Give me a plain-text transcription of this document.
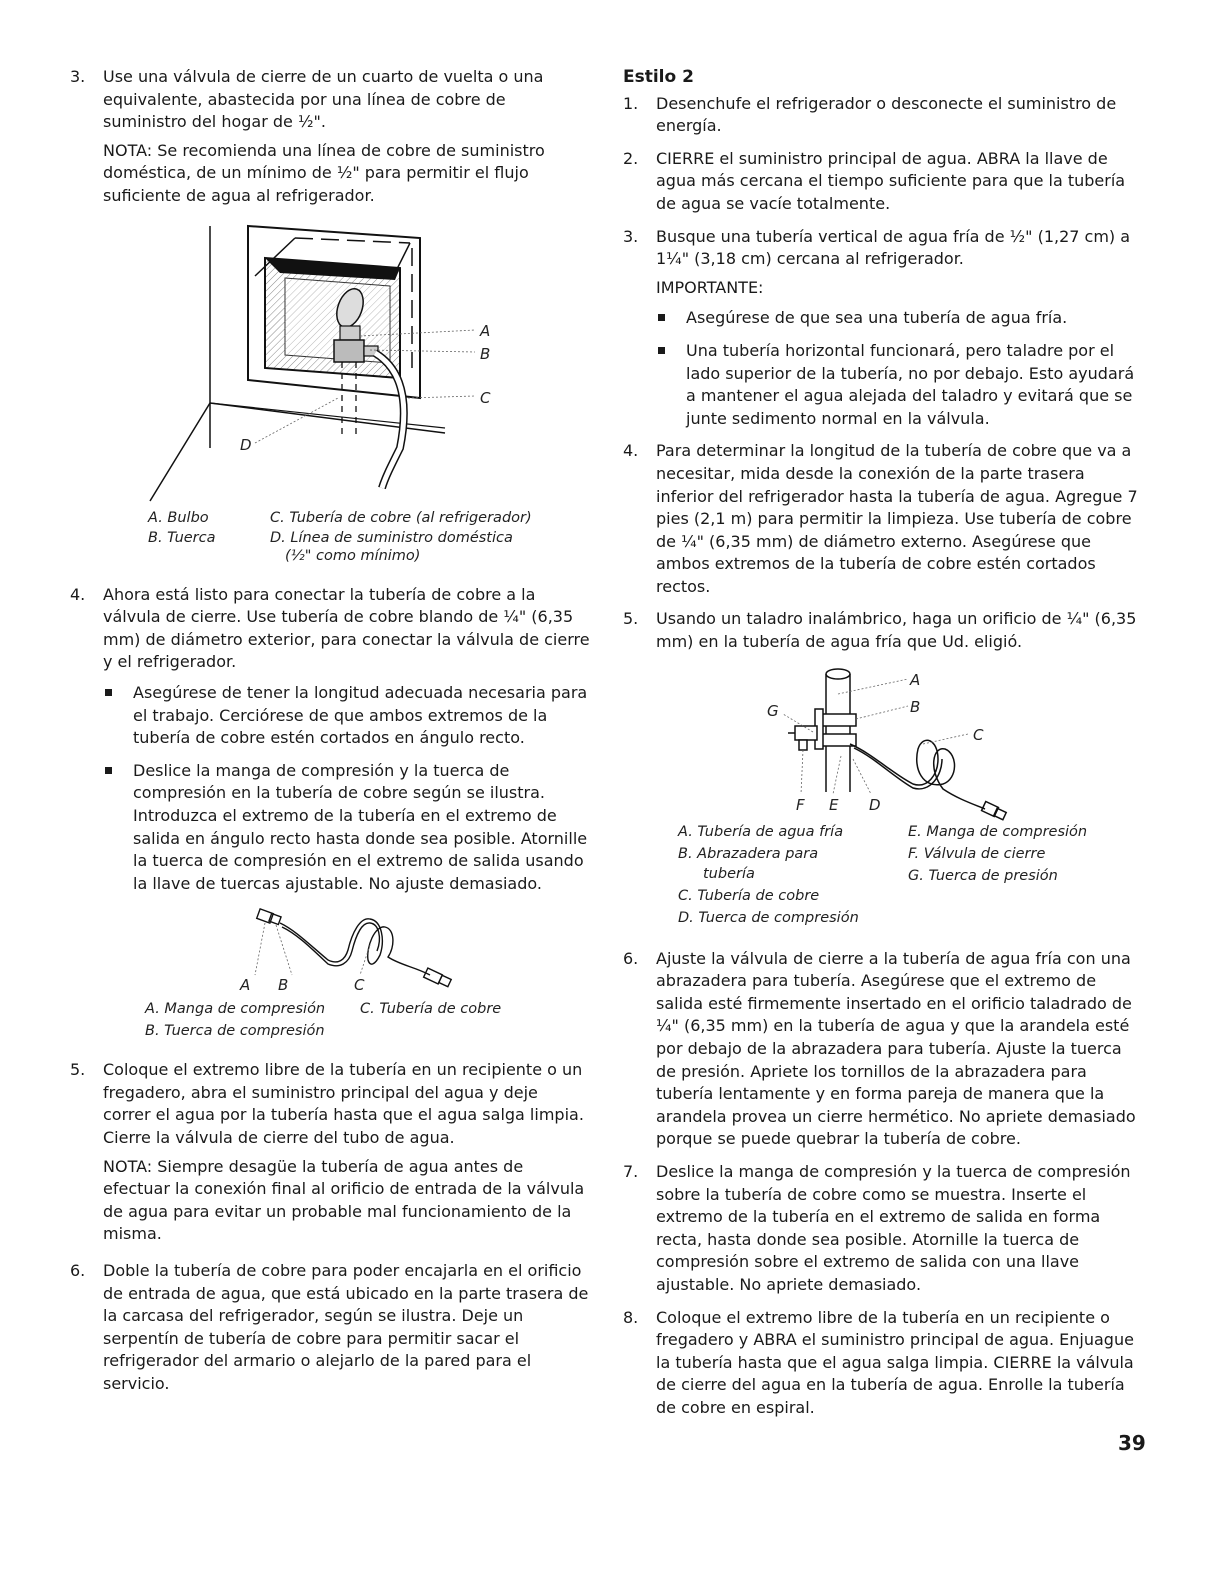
3. Use una válvula de cierre de un cuarto de vuelta o una equivalente, abastecida por una línea de cobre de suministro del hogar de ½".
NOTA: Se recomienda una línea de cobre de suministro doméstica, de un mínimo de ½" para permitir el flujo suficiente de agua al refrigerador.
A
B
C
D
A. Bulbo
B. Tuerca
C. Tubería de cobre (al refrigerador)
D. Línea de suministro doméstica
(½" como mínimo)
4. Ahora está listo para conectar la tubería de cobre a la válvula de cierre. Use tubería de cobre blando de ¼" (6,35 mm) de diámetro exterior, para conectar la válvula de cierre y el refrigerador.
Asegúrese de tener la longitud adecuada necesaria para el trabajo. Cerciórese de que ambos extremos de la tubería de cobre estén cortados en ángulo recto.
Deslice la manga de compresión y la tuerca de compresión en la tubería de cobre según se ilustra. Introduzca el extremo de la tubería en el extremo de salida en ángulo recto hasta donde sea posible. Atornille la tuerca de compresión en el extremo de salida usando la llave de tuercas ajustable. No ajuste demasiado.
A B	C
A. Manga de compresión
B. Tuerca de compresión
C. Tubería de cobre
5. Coloque el extremo libre de la tubería en un recipiente o un fregadero, abra el suministro principal del agua y deje correr el agua por la tubería hasta que el agua salga limpia. Cierre la válvula de cierre del tubo de agua.
NOTA: Siempre desagüe la tubería de agua antes de efectuar la conexión final al orificio de entrada de la válvula de agua para evitar un probable mal funcionamiento de la misma.
6. Doble la tubería de cobre para poder encajarla en el orificio de entrada de agua, que está ubicado en la parte trasera de la carcasa del refrigerador, según se ilustra. Deje un serpentín de tubería de cobre para permitir sacar el refrigerador del armario o alejarlo de la pared para el servicio.
Estilo 2
1. Desenchufe el refrigerador o desconecte el suministro de energía.
2. CIERRE el suministro principal de agua. ABRA la llave de agua más cercana el tiempo suficiente para que la tubería de agua se vacíe totalmente.
3. Busque una tubería vertical de agua fría de ½" (1,27 cm) a 1¼" (3,18 cm) cercana al refrigerador.
IMPORTANTE:
Asegúrese de que sea una tubería de agua fría.
Una tubería horizontal funcionará, pero taladre por el lado superior de la tubería, no por debajo. Esto ayudará a mantener el agua alejada del taladro y evitará que se junte sedimento normal en la válvula.
4. Para determinar la longitud de la tubería de cobre que va a necesitar, mida desde la conexión de la parte trasera inferior del refrigerador hasta la tubería de agua. Agregue 7 pies (2,1 m) para permitir la limpieza. Use tubería de cobre de ¼" (6,35 mm) de diámetro externo. Asegúrese que ambos extremos de la tubería de cobre estén cortados rectos.
5. Usando un taladro inalámbrico, haga un orificio de ¼" (6,35 mm) en la tubería de agua fría que Ud. eligió.
A
B
C
G
F E D
A. Tubería de agua fría
B. Abrazadera para
tubería
C. Tubería de cobre
D. Tuerca de compresión
E. Manga de compresión
F. Válvula de cierre
G. Tuerca de presión
6. Ajuste la válvula de cierre a la tubería de agua fría con una abrazadera para tubería. Asegúrese que el extremo de salida esté firmemente insertado en el orificio taladrado de ¼" (6,35 mm) en la tubería de agua y que la arandela esté por debajo de la abrazadera para tubería. Ajuste la tuerca de presión. Apriete los tornillos de la abrazadera para tubería lentamente y en forma pareja de manera que la arandela provea un cierre hermético. No apriete demasiado porque se puede quebrar la tubería de cobre.
7. Deslice la manga de compresión y la tuerca de compresión sobre la tubería de cobre como se muestra. Inserte el extremo de la tubería en el extremo de salida en forma recta, hasta donde sea posible. Atornille la tuerca de compresión sobre el extremo de salida con una llave ajustable. No apriete demasiado.
8. Coloque el extremo libre de la tubería en un recipiente o fregadero y ABRA el suministro principal de agua. Enjuague la tubería hasta que el agua salga limpia. CIERRE la válvula de cierre del agua en la tubería de agua. Enrolle la tubería de cobre en espiral.
39
